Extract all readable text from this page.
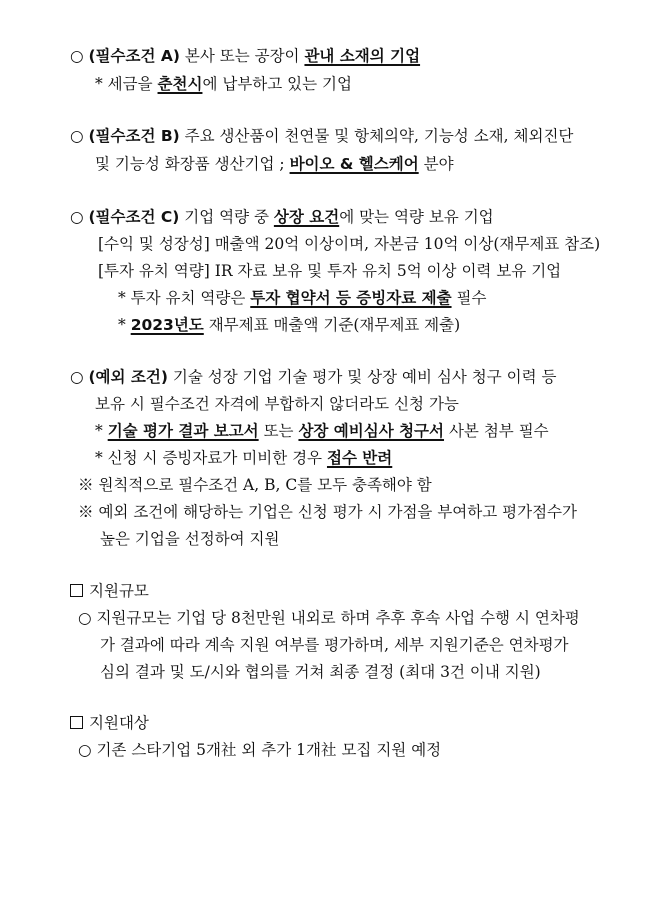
○ (필수조건 A) 본사 또는 공장이 관내 소재의 기업
* 세금을 춘천시에 납부하고 있는 기업
○ (필수조건 B) 주요 생산품이 천연물 및 항체의약, 기능성 소재, 체외진단
및 기능성 화장품 생산기업 ; 바이오 & 헬스케어 분야
○ (필수조건 C) 기업 역량 중 상장 요건에 맞는 역량 보유 기업
[수익 및 성장성] 매출액 20억 이상이며, 자본금 10억 이상(재무제표 참조)
[투자 유치 역량] IR 자료 보유 및 투자 유치 5억 이상 이력 보유 기업
* 투자 유치 역량은 투자 협약서 등 증빙자료 제출 필수
* 2023년도 재무제표 매출액 기준(재무제표 제출)
○ (예외 조건) 기술 성장 기업 기술 평가 및 상장 예비 심사 청구 이력 등
보유 시 필수조건 자격에 부합하지 않더라도 신청 가능
* 기술 평가 결과 보고서 또는 상장 예비심사 청구서 사본 첨부 필수
* 신청 시 증빙자료가 미비한 경우 접수 반려
※ 원칙적으로 필수조건 A, B, C를 모두 충족해야 함
※ 예외 조건에 해당하는 기업은 신청 평가 시 가점을 부여하고 평가점수가
높은 기업을 선정하여 지원
지원규모
○ 지원규모는 기업 당 8천만원 내외로 하며 추후 후속 사업 수행 시 연차평
가 결과에 따라 계속 지원 여부를 평가하며, 세부 지원기준은 연차평가
심의 결과 및 도/시와 협의를 거쳐 최종 결정 (최대 3건 이내 지원)
지원대상
○ 기존 스타기업 5개社 외 추가 1개社 모집 지원 예정
